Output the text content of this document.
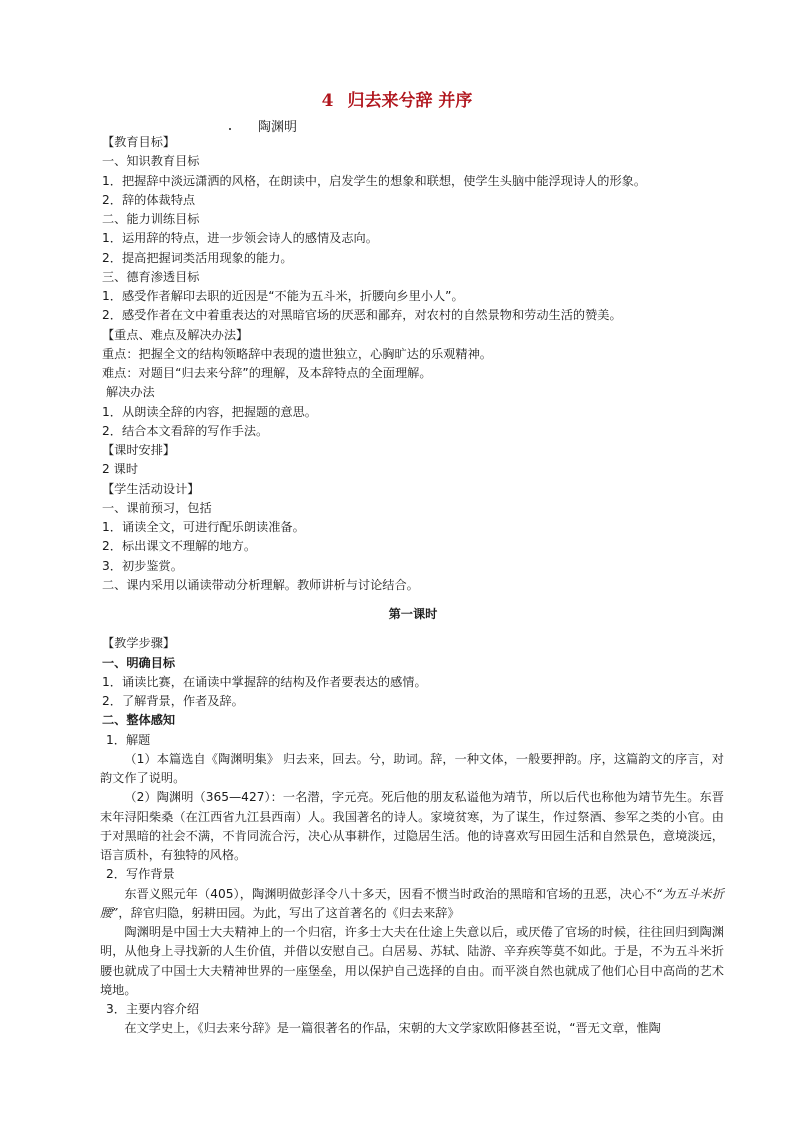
4 归去来兮辞 并序
陶渊明
【教育目标】
一、知识教育目标
1．把握辞中淡远潇洒的风格，在朗读中，启发学生的想象和联想，使学生头脑中能浮现诗人的形象。
2．辞的体裁特点
二、能力训练目标
1．运用辞的特点，进一步领会诗人的感情及志向。
2．提高把握词类活用现象的能力。
三、德育渗透目标
1．感受作者解印去职的近因是“不能为五斗米，折腰向乡里小人”。
2．感受作者在文中着重表达的对黑暗官场的厌恶和鄙弃，对农村的自然景物和劳动生活的赞美。
【重点、难点及解决办法】
重点：把握全文的结构领略辞中表现的遗世独立，心胸旷达的乐观精神。
难点：对题目“归去来兮辞”的理解，及本辞特点的全面理解。
解决办法
1．从朗读全辞的内容，把握题的意思。
2．结合本文看辞的写作手法。
【课时安排】
2 课时
【学生活动设计】
一、课前预习，包括
1．诵读全文，可进行配乐朗读准备。
2．标出课文不理解的地方。
3．初步鉴赏。
二、课内采用以诵读带动分析理解。教师讲析与讨论结合。
第一课时
【教学步骤】
一、明确目标
1．诵读比赛，在诵读中掌握辞的结构及作者要表达的感情。
2．了解背景，作者及辞。
二、整体感知
1．解题
（1）本篇选自《陶渊明集》 归去来，回去。兮，助词。辞，一种文体，一般要押韵。序，这篇韵文的序言，对韵文作了说明。
（2）陶渊明（365—427）：一名潜，字元亮。死后他的朋友私谥他为靖节，所以后代也称他为靖节先生。东晋末年浔阳柴桑（在江西省九江县西南）人。我国著名的诗人。家境贫寒，为了谋生，作过祭酒、参军之类的小官。由于对黑暗的社会不满，不肯同流合污，决心从事耕作，过隐居生活。他的诗喜欢写田园生活和自然景色，意境淡远，语言质朴，有独特的风格。
2．写作背景
东晋义熙元年（405），陶渊明做彭泽令八十多天，因看不惯当时政治的黑暗和官场的丑恶，决心不“为五斗米折腰”，辞官归隐，躬耕田园。为此，写出了这首著名的《归去来辞》
陶渊明是中国士大夫精神上的一个归宿，许多士大夫在仕途上失意以后，或厌倦了官场的时候，往往回归到陶渊明，从他身上寻找新的人生价值，并借以安慰自己。白居易、苏轼、陆游、辛弃疾等莫不如此。于是，不为五斗米折腰也就成了中国士大夫精神世界的一座堡垒，用以保护自己选择的自由。而平淡自然也就成了他们心目中高尚的艺术境地。
3．主要内容介绍
在文学史上，《归去来兮辞》是一篇很著名的作品，宋朝的大文学家欧阳修甚至说，“晋无文章，惟陶
